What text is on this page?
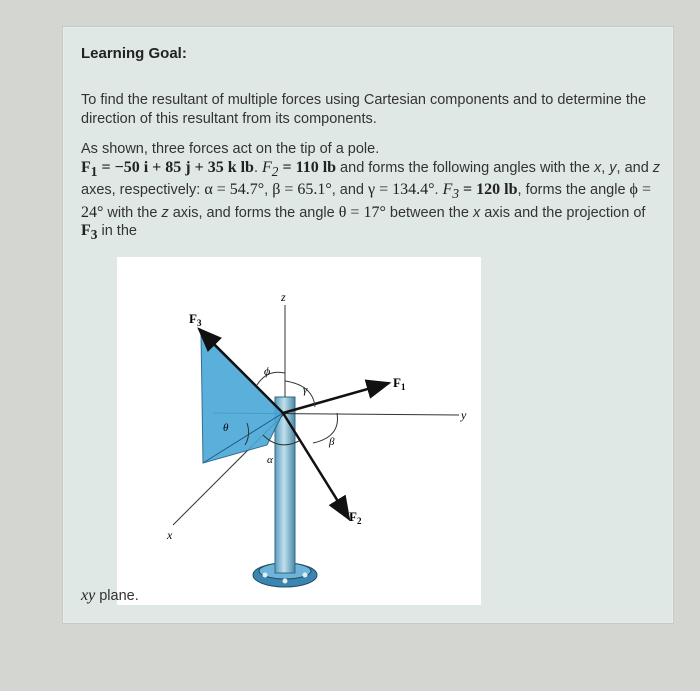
Learning Goal:
To find the resultant of multiple forces using Cartesian components and to determine the direction of this resultant from its components.
As shown, three forces act on the tip of a pole.
$F_1 = -50$ i + 85 j + 35 k lb. $F_2 = 110$ lb and forms the following angles with the x, y, and z axes, respectively: α = 54.7°, β = 65.1°, and γ = 134.4°. $F_3 = 120$ lb, forms the angle ϕ = 24° with the z axis, and forms the angle θ = 17° between the x axis and the projection of $F_3$ in the
z
y
x
$F_3$
$F_1$
$F_2$
ϕ
γ
β
α
θ
xy plane.
